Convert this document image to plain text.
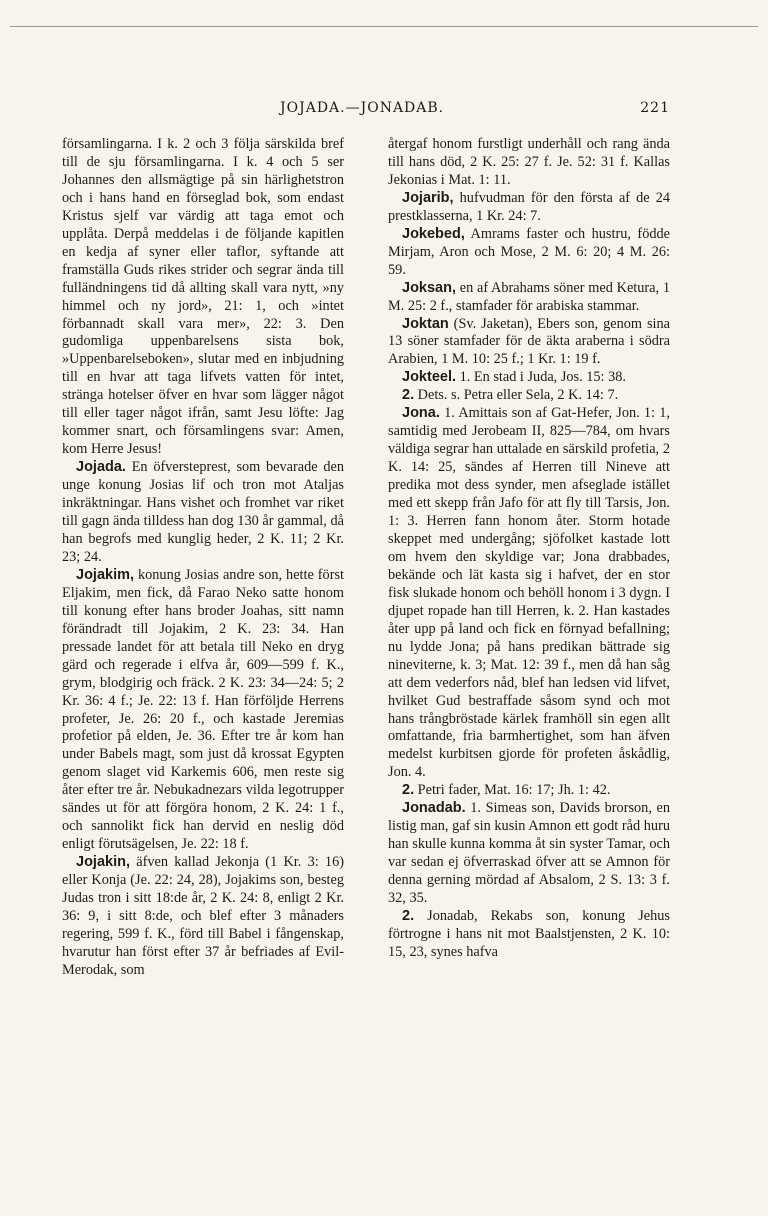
JOJADA.—JONADAB.	221

församlingarna. I k. 2 och 3 följa särskilda bref till de sju församlingarna. I k. 4 och 5 ser Johannes den allsmägtige på sin härlighetstron och i hans hand en förseglad bok, som endast Kristus sjelf var värdig att taga emot och upplåta. Derpå meddelas i de följande kapitlen en kedja af syner eller taflor, syftande att framställa Guds rikes strider och segrar ända till fulländningens tid då allting skall vara nytt, »ny himmel och ny jord», 21: 1, och »intet förbannadt skall vara mer», 22: 3. Den gudomliga uppenbarelsens sista bok, »Uppenbarelseboken», slutar med en inbjudning till en hvar att taga lifvets vatten för intet, stränga hotelser öfver en hvar som lägger något till eller tager något ifrån, samt Jesu löfte: Jag kommer snart, och församlingens svar: Amen, kom Herre Jesus!

Jojada. En öfversteprest, som bevarade den unge konung Josias lif och tron mot Ataljas inkräktningar. Hans vishet och fromhet var riket till gagn ända tilldess han dog 130 år gammal, då han begrofs med kunglig heder, 2 K. 11; 2 Kr. 23; 24.

Jojakim, konung Josias andre son, hette först Eljakim, men fick, då Farao Neko satte honom till konung efter hans broder Joahas, sitt namn förändradt till Jojakim, 2 K. 23: 34. Han pressade landet för att betala till Neko en dryg gärd och regerade i elfva år, 609—599 f. K., grym, blodgirig och fräck. 2 K. 23: 34—24: 5; 2 Kr. 36: 4 f.; Je. 22: 13 f. Han förföljde Herrens profeter, Je. 26: 20 f., och kastade Jeremias profetior på elden, Je. 36. Efter tre år kom han under Babels magt, som just då krossat Egypten genom slaget vid Karkemis 606, men reste sig åter efter tre år. Nebukadnezars vilda legotrupper sändes ut för att förgöra honom, 2 K. 24: 1 f., och sannolikt fick han dervid en neslig död enligt förutsägelsen, Je. 22: 18 f.

Jojakin, äfven kallad Jekonja (1 Kr. 3: 16) eller Konja (Je. 22: 24, 28), Jojakims son, besteg Judas tron i sitt 18:de år, 2 K. 24: 8, enligt 2 Kr. 36: 9, i sitt 8:de, och blef efter 3 månaders regering, 599 f. K., förd till Babel i fångenskap, hvarutur han först efter 37 år befriades af Evil-Merodak, som

återgaf honom furstligt underhåll och rang ända till hans död, 2 K. 25: 27 f. Je. 52: 31 f. Kallas Jekonias i Mat. 1: 11.

Jojarib, hufvudman för den första af de 24 prestklasserna, 1 Kr. 24: 7.

Jokebed, Amrams faster och hustru, födde Mirjam, Aron och Mose, 2 M. 6: 20; 4 M. 26: 59.

Joksan, en af Abrahams söner med Ketura, 1 M. 25: 2 f., stamfader för arabiska stammar.

Joktan (Sv. Jaketan), Ebers son, genom sina 13 söner stamfader för de äkta araberna i södra Arabien, 1 M. 10: 25 f.; 1 Kr. 1: 19 f.

Jokteel. 1. En stad i Juda, Jos. 15: 38.

2. Dets. s. Petra eller Sela, 2 K. 14: 7.

Jona. 1. Amittais son af Gat-Hefer, Jon. 1: 1, samtidig med Jerobeam II, 825—784, om hvars väldiga segrar han uttalade en särskild profetia, 2 K. 14: 25, sändes af Herren till Nineve att predika mot dess synder, men afseglade istället med ett skepp från Jafo för att fly till Tarsis, Jon. 1: 3. Herren fann honom åter. Storm hotade skeppet med undergång; sjöfolket kastade lott om hvem den skyldige var; Jona drabbades, bekände och lät kasta sig i hafvet, der en stor fisk slukade honom och behöll honom i 3 dygn. I djupet ropade han till Herren, k. 2. Han kastades åter upp på land och fick en förnyad befallning; nu lydde Jona; på hans predikan bättrade sig nineviterne, k. 3; Mat. 12: 39 f., men då han såg att dem vederfors nåd, blef han ledsen vid lifvet, hvilket Gud bestraffade såsom synd och mot hans trångbröstade kärlek framhöll sin egen allt omfattande, fria barmhertighet, som han äfven medelst kurbitsen gjorde för profeten åskådlig, Jon. 4.

2. Petri fader, Mat. 16: 17; Jh. 1: 42.

Jonadab. 1. Simeas son, Davids brorson, en listig man, gaf sin kusin Amnon ett godt råd huru han skulle kunna komma åt sin syster Tamar, och var sedan ej öfverraskad öfver att se Amnon för denna gerning mördad af Absalom, 2 S. 13: 3 f. 32, 35.

2. Jonadab, Rekabs son, konung Jehus förtrogne i hans nit mot Baalstjensten, 2 K. 10: 15, 23, synes hafva
